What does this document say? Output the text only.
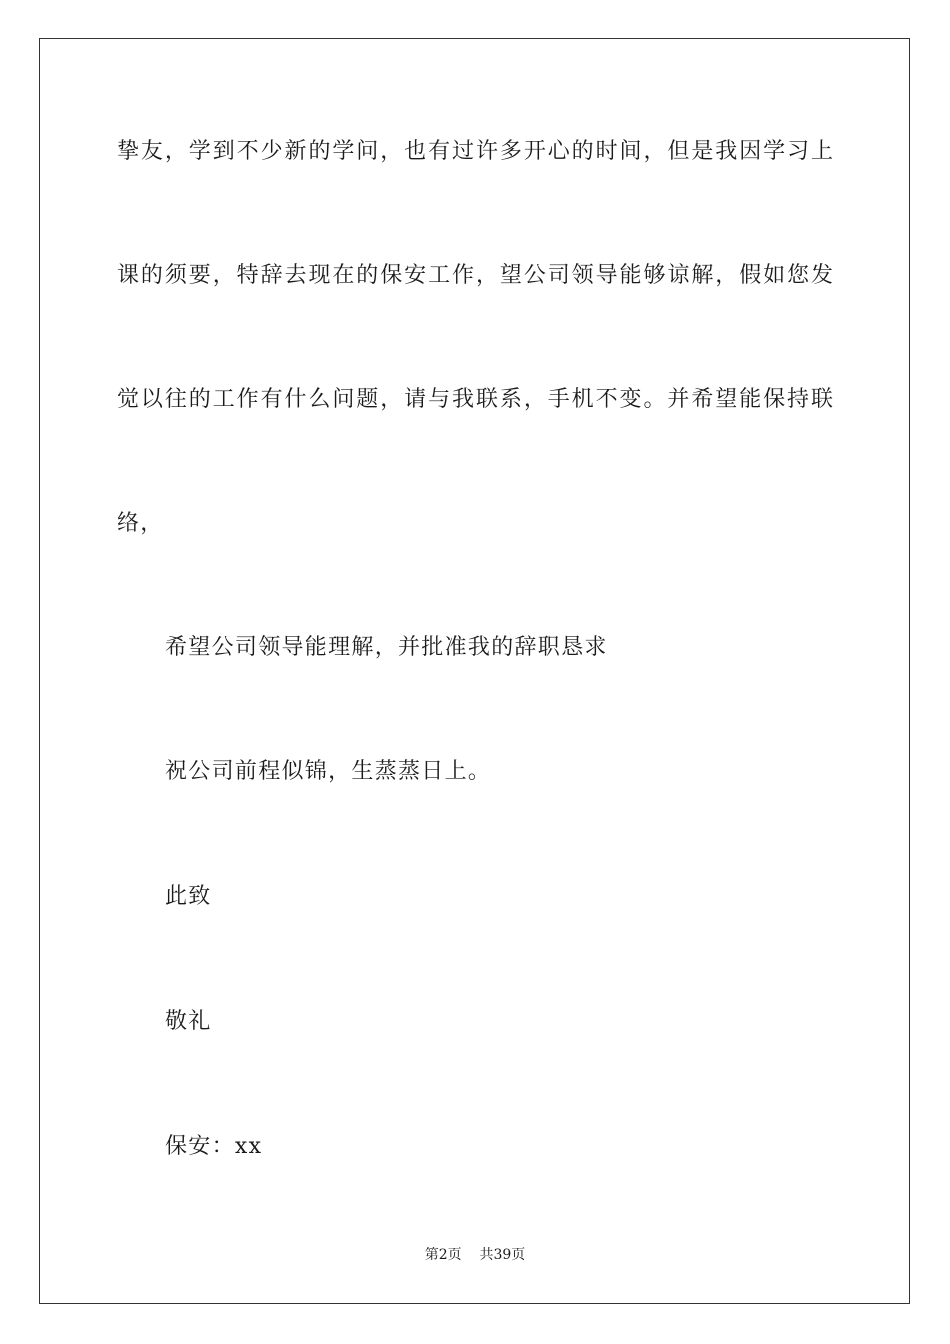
挚友，学到不少新的学问，也有过许多开心的时间，但是我因学习上
课的须要，特辞去现在的保安工作，望公司领导能够谅解，假如您发
觉以往的工作有什么问题，请与我联系，手机不变。并希望能保持联
络，
希望公司领导能理解，并批准我的辞职恳求
祝公司前程似锦，生蒸蒸日上。
此致
敬礼
保安：xx
第2页    共39页
